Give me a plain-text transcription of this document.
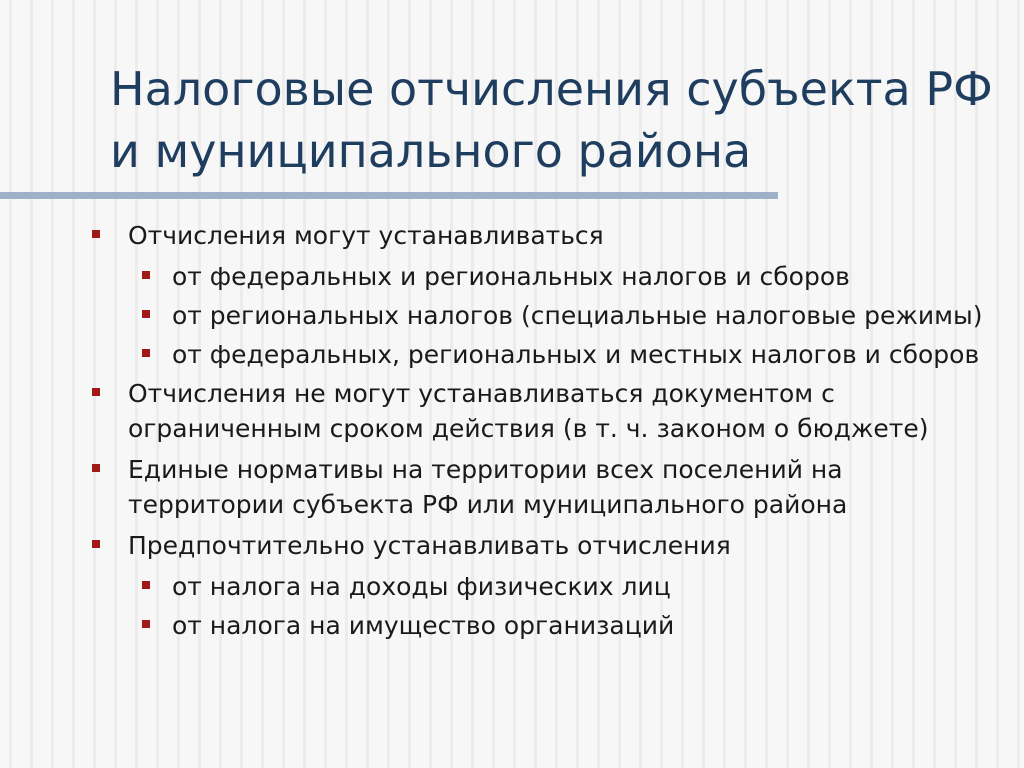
Налоговые отчисления субъекта РФ и муниципального района
Отчисления могут устанавливаться
от федеральных и региональных налогов и сборов
от региональных налогов (специальные налоговые режимы)
от федеральных, региональных и местных налогов и сборов
Отчисления не могут устанавливаться документом с ограниченным сроком действия (в т. ч. законом о бюджете)
Единые нормативы на территории всех поселений на территории субъекта РФ или муниципального района
Предпочтительно устанавливать отчисления
от налога на доходы физических лиц
от налога на имущество организаций
